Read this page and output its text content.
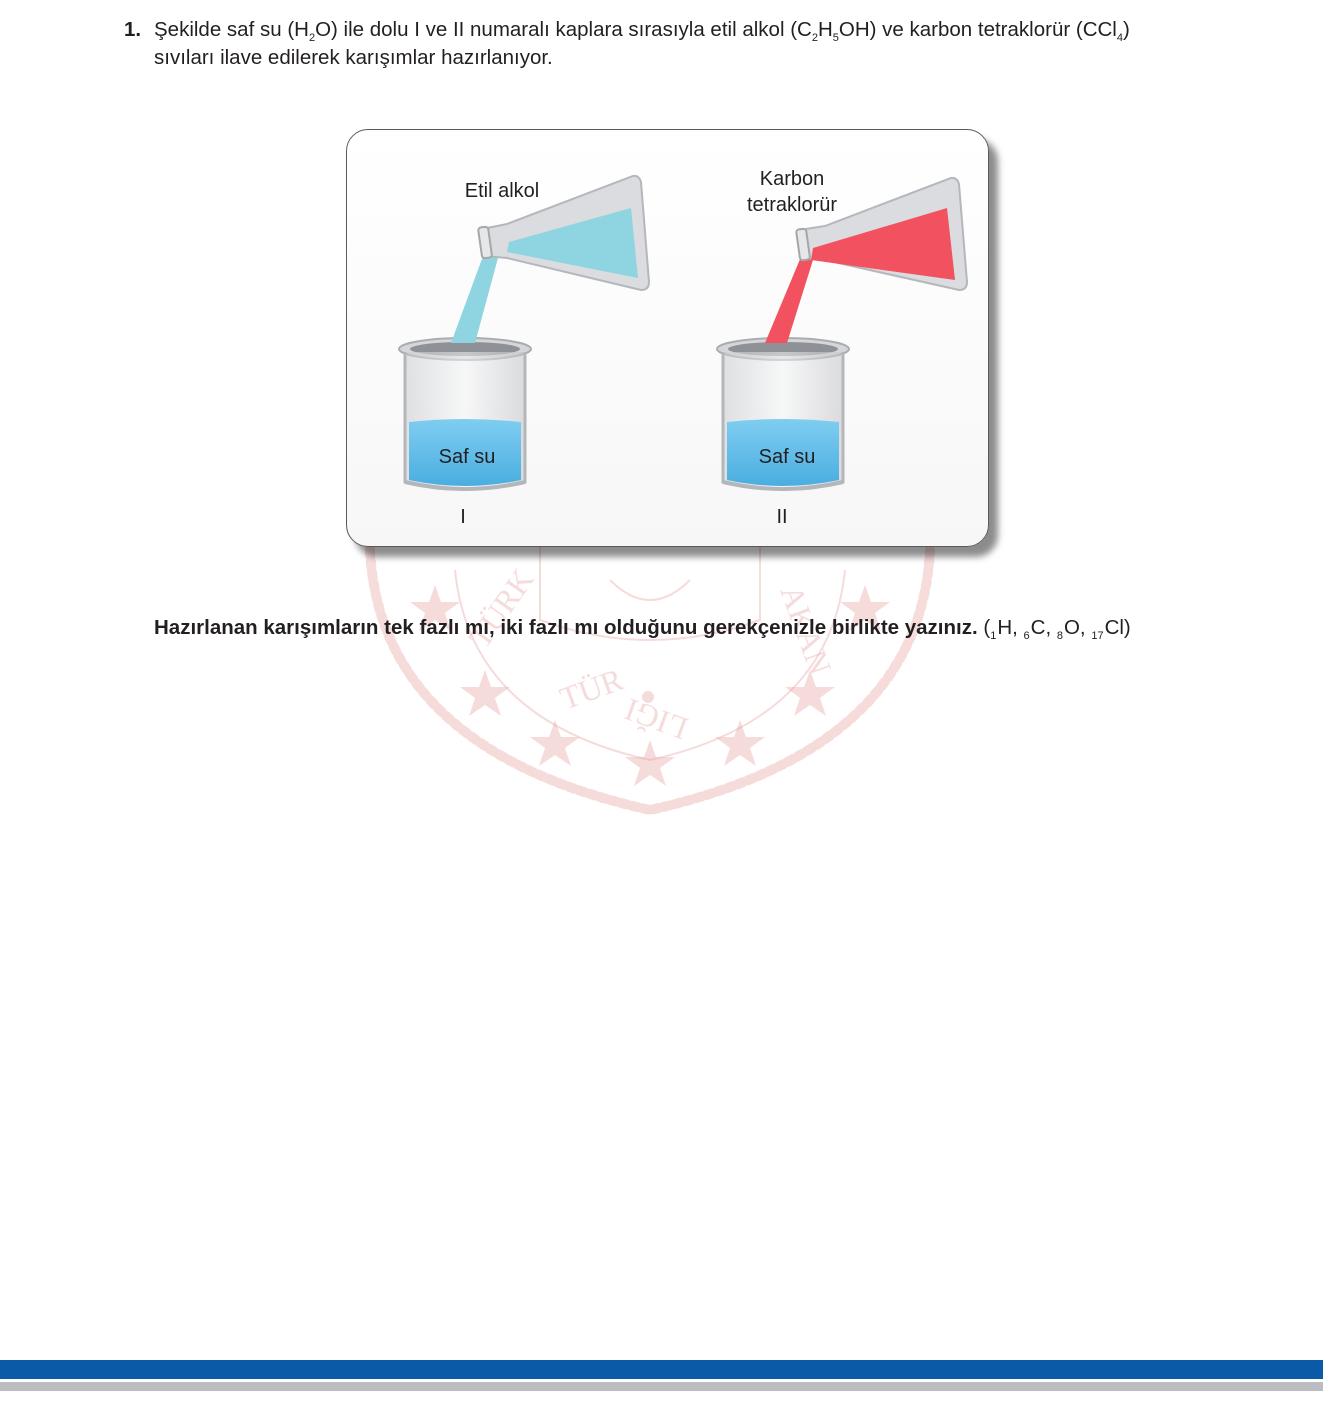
TÜRK
TÜR
LIĞI
AKAN
1. Şekilde saf su $(H_2O)$ ile dolu I ve II numaralı kaplara sırasıyla etil alkol $(C_2H_5OH)$ ve karbon tetraklorür (CCl$_4$)
sıvıları ilave edilerek karışımlar hazırlanıyor.
Etil alkol
Karbon
tetraklorür
Saf su	Saf su
I	II
Hazırlanan karışımların tek fazlı mı, iki fazlı mı olduğunu gerekçenizle birlikte yazınız. ($_1H$, $_6$C, $_8$O, $_{17}$Cl)
